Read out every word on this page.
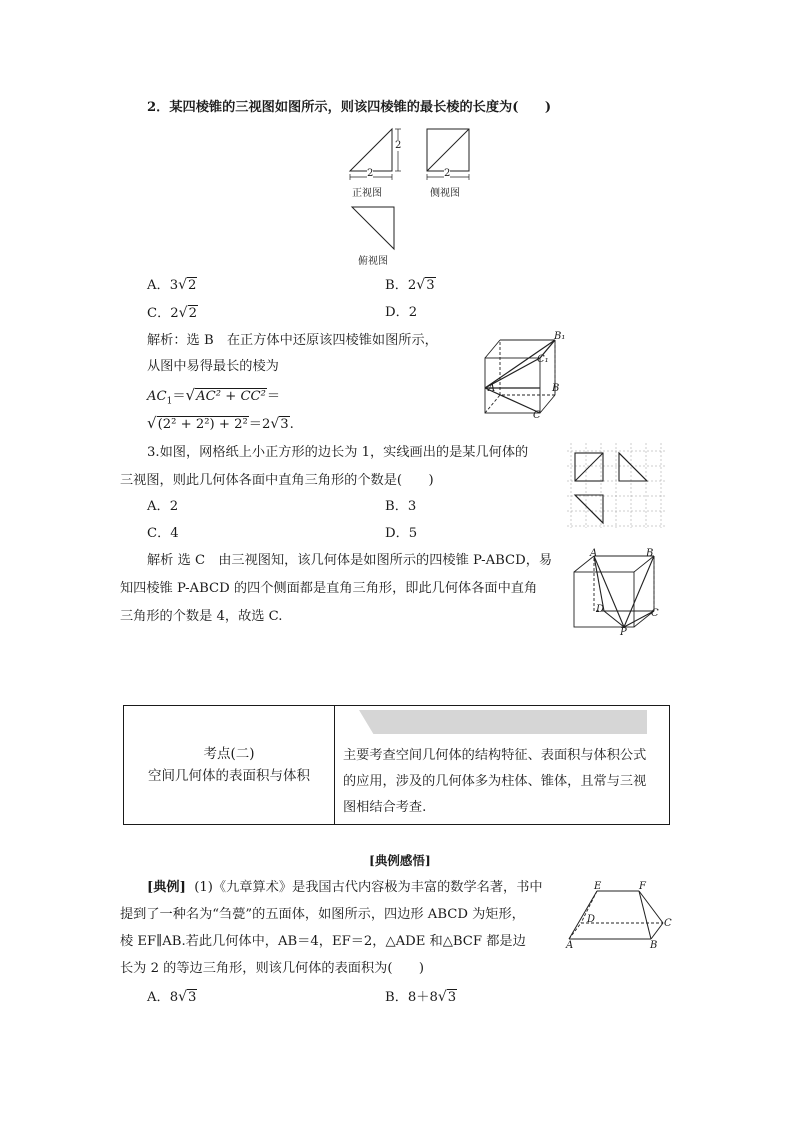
2．某四棱锥的三视图如图所示，则该四棱锥的最长棱的长度为(　　)
2
2
正视图
2
侧视图
俯视图
A．3√2	B．2√3
C．2√2	D．2
解析：选 B　在正方体中还原该四棱锥如图所示，
从图中易得最长的棱为
$AC_1=√AC^2 + CC^2=$
√(2² + 2²) + 2²＝2√3.
B₁
C₁
A	B
C
3.如图，网格纸上小正方形的边长为 1，实线画出的是某几何体的
三视图，则此几何体各面中直角三角形的个数是(　　)
A．2	B．3
C．4	D．5
解析 选 C　由三视图知，该几何体是如图所示的四棱锥 P-ABCD，易
知四棱锥 P-ABCD 的四个侧面都是直角三角形，即此几何体各面中直角
三角形的个数是 4，故选 C.
A	B
D	C
P
考点(二)
空间几何体的表面积与体积

主要考查空间几何体的结构特征、表面积与体积公式
的应用，涉及的几何体多为柱体、锥体，且常与三视
图相结合考查.
[典例感悟]
[典例] (1)《九章算术》是我国古代内容极为丰富的数学名著，书中
提到了一种名为“刍甍”的五面体，如图所示，四边形 ABCD 为矩形，
棱 EF∥AB.若此几何体中，AB＝4，EF＝2，△ADE 和△BCF 都是边
长为 2 的等边三角形，则该几何体的表面积为(　　)
A．8√3	B．8＋8√3
E	F
D	C
A	B
